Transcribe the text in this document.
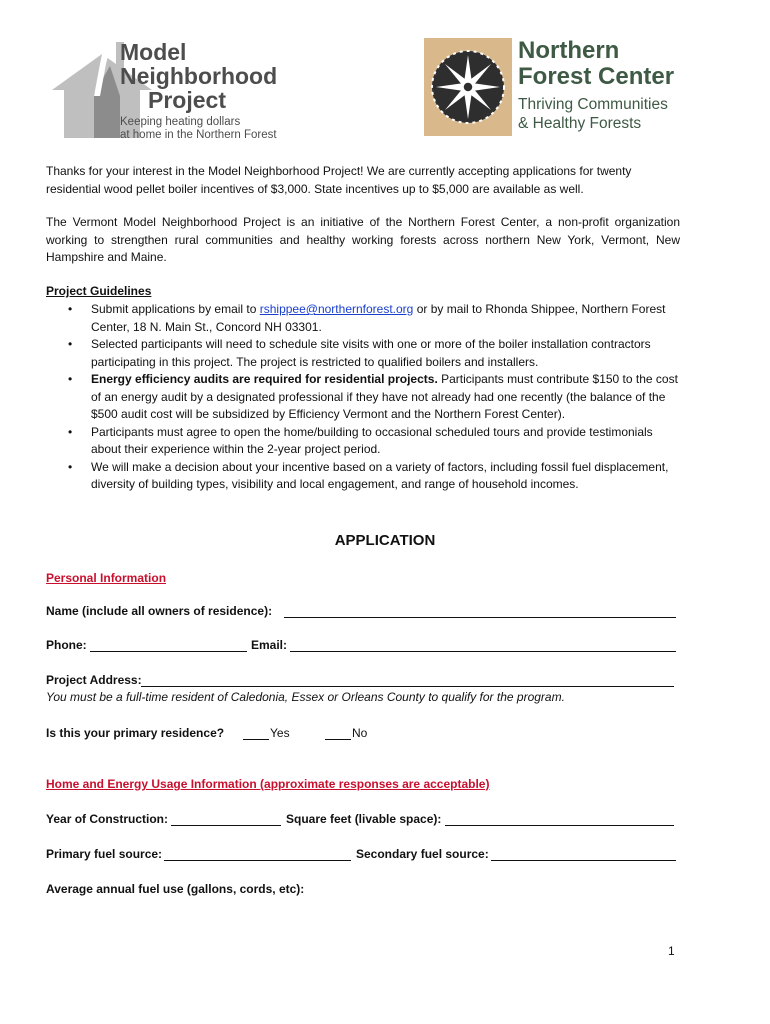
Model
Neighborhood
Project
Keeping heating dollars
at home in the Northern Forest
Northern
Forest Center
Thriving Communities
& Healthy Forests
Thanks for your interest in the Model Neighborhood Project! We are currently accepting applications for twenty residential wood pellet boiler incentives of $3,000. State incentives up to $5,000 are available as well.
The Vermont Model Neighborhood Project is an initiative of the Northern Forest Center, a non-profit organization working to strengthen rural communities and healthy working forests across northern New York, Vermont, New Hampshire and Maine.
Project Guidelines
• Submit applications by email to rshippee@northernforest.org or by mail to Rhonda Shippee, Northern Forest Center, 18 N. Main St., Concord NH 03301.
• Selected participants will need to schedule site visits with one or more of the boiler installation contractors participating in this project. The project is restricted to qualified boilers and installers.
• Energy efficiency audits are required for residential projects. Participants must contribute $150 to the cost of an energy audit by a designated professional if they have not already had one recently (the balance of the $500 audit cost will be subsidized by Efficiency Vermont and the Northern Forest Center).
• Participants must agree to open the home/building to occasional scheduled tours and provide testimonials about their experience within the 2-year project period.
• We will make a decision about your incentive based on a variety of factors, including fossil fuel displacement, diversity of building types, visibility and local engagement, and range of household incomes.
APPLICATION
Personal Information
Name (include all owners of residence):
Phone:	Email:
Project Address:
You must be a full-time resident of Caledonia, Essex or Orleans County to qualify for the program.
Is this your primary residence?	Yes	No
Home and Energy Usage Information (approximate responses are acceptable)
Year of Construction:	Square feet (livable space):
Primary fuel source:	Secondary fuel source:
Average annual fuel use (gallons, cords, etc):
1
